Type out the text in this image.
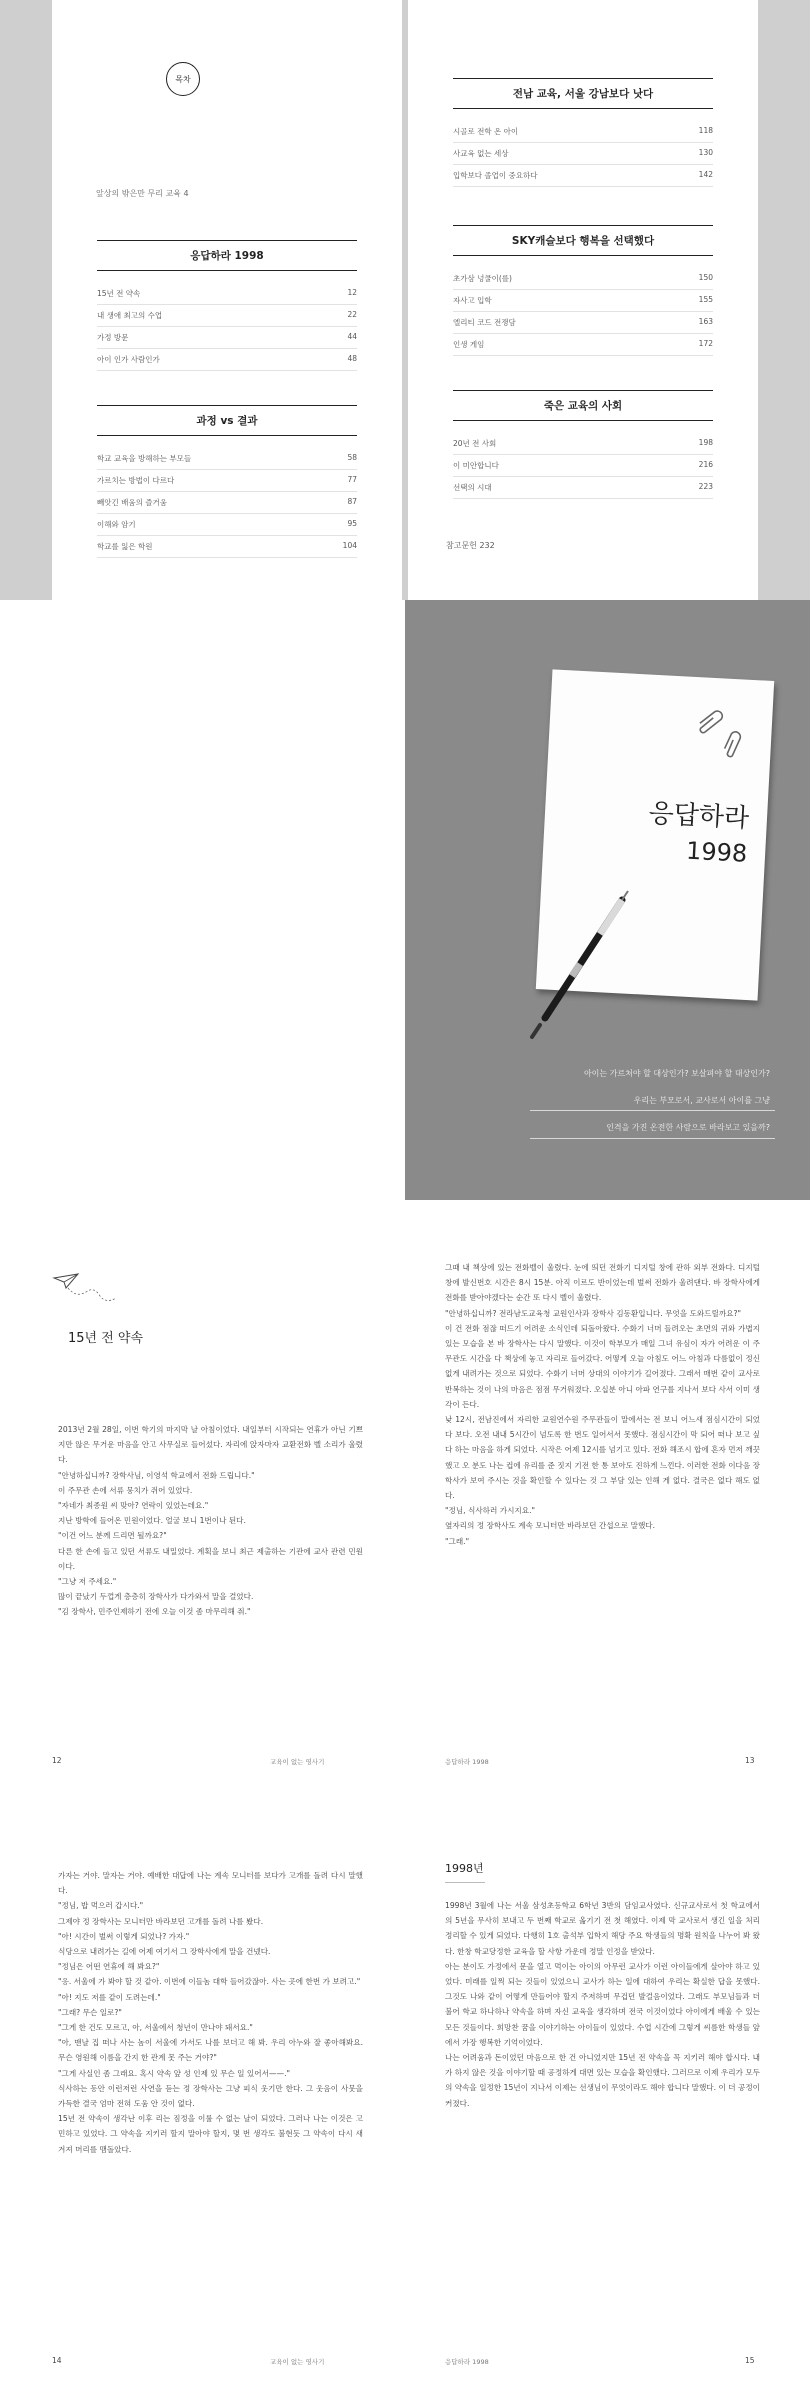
목차
앞상의 밖은만 무리 교육 4
응답하라 1998
15년 전 약속	12
내 생애 최고의 수업	22
가정 방문	44
아이 인가 사람인가	48
과정 vs 결과
학교 교육을 방해하는 부모들	58
가르치는 방법이 다르다	77
빼앗긴 배움의 즐거움	87
이해와 암기	95
학교를 잃은 학원	104
전남 교육, 서울 강남보다 낫다
시골로 전학 온 아이	118
사교육 없는 세상	130
입학보다 졸업이 중요하다	142
SKY캐슬보다 행복을 선택했다
초가삼 넝쿨이(를)	150
자사고 입학	155
엘리티 코드 전쟁담	163
인생 게임	172
죽은 교육의 사회
20년 전 사회	198
이 미안합니다	216
선택의 시대	223
참고문헌 232
응답하라
1998
아이는 가르쳐야 할 대상인가? 보살펴야 할 대상인가?
우리는 부모로서, 교사로서 아이를 그냥
인격을 가진 온전한 사람으로 바라보고 있을까?
15년 전 약속

2013년 2월 28일, 이번 학기의 마지막 날 아침이었다. 내일부터 시작되는 연휴가 아닌 기쁘지만 않은 무거운 마음을 안고 사무실로 들어섰다. 자리에 앉자마자 교환전화 벨 소리가 울렸다.

"안녕하십니까? 장학사님, 이영석 학교에서 전화 드립니다."

이 주무관 손에 서류 뭉치가 쥐어 있었다.

"자네가 최종원 씨 맞아? 연락이 있었는데요."

지난 방학에 들어온 민원이었다. 얼굴 보니 1번이나 된다.

"이건 어느 분께 드리면 될까요?"

다른 한 손에 들고 있던 서류도 내밀었다. 계획을 보니 최근 제출하는 기관에 교사 관련 민원이다.

"그냥 저 주세요."

많이 끝났기 두껍게 층층히 장학사가 다가와서 말을 걸었다.

"김 장학사, 민주인제하기 전에 오늘 이것 좀 마무리해 줘."

12	교육이 없는 영사기

그때 내 책상에 있는 전화벨이 울렸다. 눈에 띄던 전화기 디지털 창에 관하 외부 전화다. 디지털 창에 발신번호 시간은 8시 15분. 아직 이르도 반이었는데 벌써 전화가 울려댄다. 바 장학사에게 전화를 받아야겠다는 순간 또 다시 벨이 울렸다.

"안녕하십니까? 전라남도교육청 교원인사과 장학사 김동환입니다. 무엇을 도와드릴까요?"

이 건 전화 점잖 떠드기 어려운 소식인데 되돌아왔다. 수화기 너머 들려오는 초면의 귀와 가볍지 있는 모습을 본 바 장학사는 다시 말했다. 이것이 학부모가 매일 그녀 유심이 자가 어려운 이 주무관도 시간을 다 책상에 놓고 자리로 들어갔다. 어떻게 오늘 아침도 어느 아침과 다름없이 정신없게 내려가는 것으로 되었다. 수화기 너머 상대의 이야기가 길어졌다. 그래서 매번 같이 교사로 반복하는 것이 나의 마음은 점점 무거워졌다. 오십분 아니 아파 연구를 지나서 보다 사서 이미 생각이 든다.

낮 12시, 전남진에서 자리한 교원연수원 주무관들이 말에서는 전 보니 어느새 점심시간이 되었다 보다. 오전 내내 5시간이 넘도록 한 번도 일어서서 못했다. 점심시간이 막 되어 떠나 보고 싶다 하는 마음을 하게 되었다. 시작은 어제 12시를 넘기고 있다. 전화 해조시 합에 혼자 먼저 깨끗했고 오 분도 나는 컵에 유리를 준 짓지 기전 한 통 보아도 진하게 느낀다. 이러한 전화 이다음 장학사가 보여 주시는 것을 확인할 수 있다는 것 그 부담 있는 인해 게 없다. 결국은 없다 해도 없다.

"정님, 식사하러 가시지요."

옆자리의 정 장학사도 계속 모니터만 바라보던 간섭으로 말했다.

"그래."

응답하라 1998	13

가자는 거야. 말자는 거야. 예배한 대답에 나는 계속 모니터를 보다가 고개를 돌려 다시 말했다.

"정님, 밥 먹으러 갑시다."

그제야 정 장학사는 모니터만 바라보던 고개를 돌려 나를 봤다.

"아! 시간이 벌써 이렇게 되었나? 가자."

식당으로 내려가는 길에 어제 여기서 그 장학사에게 말을 건넸다.

"정님은 어떤 연휴에 해 봐요?"

"응. 서울에 가 봐야 할 것 같아. 이번에 이들놈 대학 들어갔잖아. 사는 곳에 한번 가 보려고."

"아! 지도 저를 같이 도려는데."

"그래? 무슨 일로?"

"그게 한 건도 모르고, 아, 서울에서 청년이 만나야 돼서요."

"아, 맨날 집 떠나 사는 놈이 서울에 가서도 나를 보더고 해 봐. 우리 아누와 잘 좋아해봐요. 무슨 영원해 이름을 간지 한 관계 못 주는 거야?"

"그게 사실인 좀 그래요. 혹시 약속 앞 성 인제 있 무슨 일 있어서——."

식사하는 동안 이런저런 사연을 듣는 정 장학사는 그냥 피식 웃기만 한다. 그 웃음이 사뭇을 가득한 결국 엄마 전혀 도움 안 것이 없다.

15년 전 약속이 생각난 이후 리는 짐정을 이룰 수 없는 날이 되었다. 그러나 나는 이것은 고민하고 있었다. 그 약속을 지키러 할지 말아야 할지, 몇 번 생각도 불현듯 그 약속이 다시 새겨져 머리를 맴돌았다.

14	교육이 없는 영사기
1998년

1998년 3월에 나는 서울 삼성초등학교 6학년 3반의 담임교사였다. 신규교사로서 첫 학교에서의 5년을 무사히 보내고 두 번째 학교로 옮기기 전 첫 해였다. 이제 막 교사로서 생긴 일을 처리 정리할 수 있게 되었다. 다행히 1호 출석부 입학지 해당 주요 학생들의 명확 원칙을 나누어 봐 왔다. 한창 학교당정한 교육을 할 사항 가운데 정말 인정을 받았다.

아는 분이도 가정에서 문을 열고 먹이는 아이의 아무런 교사가 이런 아이들에게 살아야 하고 있었다. 미래를 일찍 되는 것들이 있었으니 교사가 하는 일에 대하여 우리는 확실한 답을 못했다. 그것도 나와 같이 어떻게 만들어야 할지 주저하며 무겁던 발걸음이었다. 그래도 부모님들과 더불어 학교 하나하나 약속을 하며 자신 교육을 생각하며 전국 이것이었다 아이에게 배울 수 있는 모든 것들이다. 희망찬 꿈을 이야기하는 아이들이 있었다. 수업 시간에 그렇게 씨름한 학생들 앞에서 가장 행복한 기억이었다.

나는 어려움과 돈이었던 마음으로 한 건 아니었지만 15년 전 약속을 꼭 지키러 해야 합시다. 내가 하지 않은 것을 이야기할 때 공정하게 대면 있는 모습을 확인했다. 그러므로 이제 우리가 모두의 약속을 일정한 15년이 지나서 이제는 선생님이 무엇이라도 해야 합니다 말했다. 이 더 공정이 커졌다.

응답하라 1998	15
